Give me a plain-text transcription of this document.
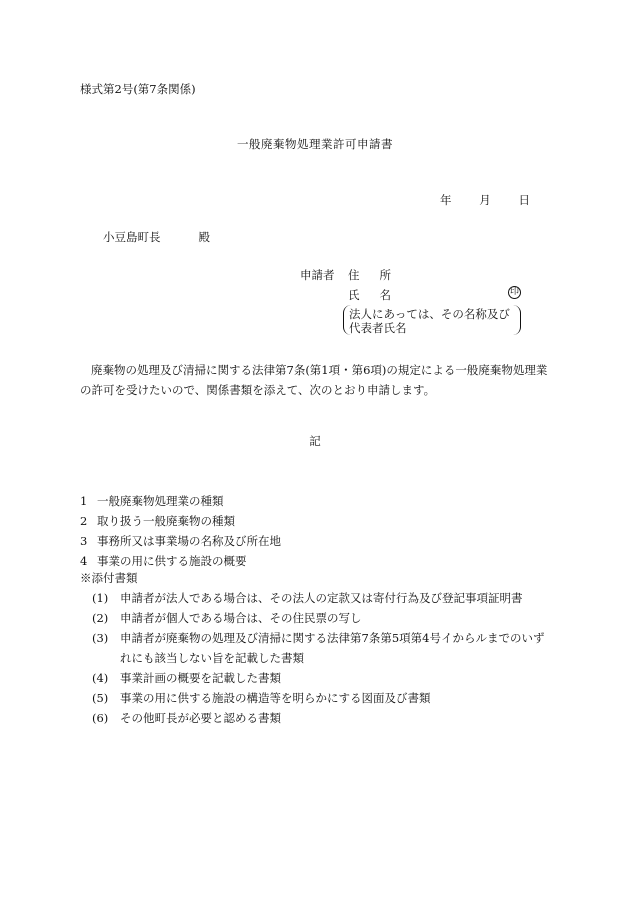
様式第2号(第7条関係)
一般廃棄物処理業許可申請書
年 月 日
小豆島町長	殿
申請者 住所
氏名	印
法人にあっては、その名称及び
代表者氏名
廃棄物の処理及び清掃に関する法律第7条(第1項・第6項)の規定による一般廃棄物処理業の許可を受けたいので、関係書類を添えて、次のとおり申請します。
記
1 一般廃棄物処理業の種類
2 取り扱う一般廃棄物の種類
3 事務所又は事業場の名称及び所在地
4 事業の用に供する施設の概要
※添付書類
(1) 申請者が法人である場合は、その法人の定款又は寄付行為及び登記事項証明書
(2) 申請者が個人である場合は、その住民票の写し
(3) 申請者が廃棄物の処理及び清掃に関する法律第7条第5項第4号イからルまでのいず
れにも該当しない旨を記載した書類
(4) 事業計画の概要を記載した書類
(5) 事業の用に供する施設の構造等を明らかにする図面及び書類
(6) その他町長が必要と認める書類
